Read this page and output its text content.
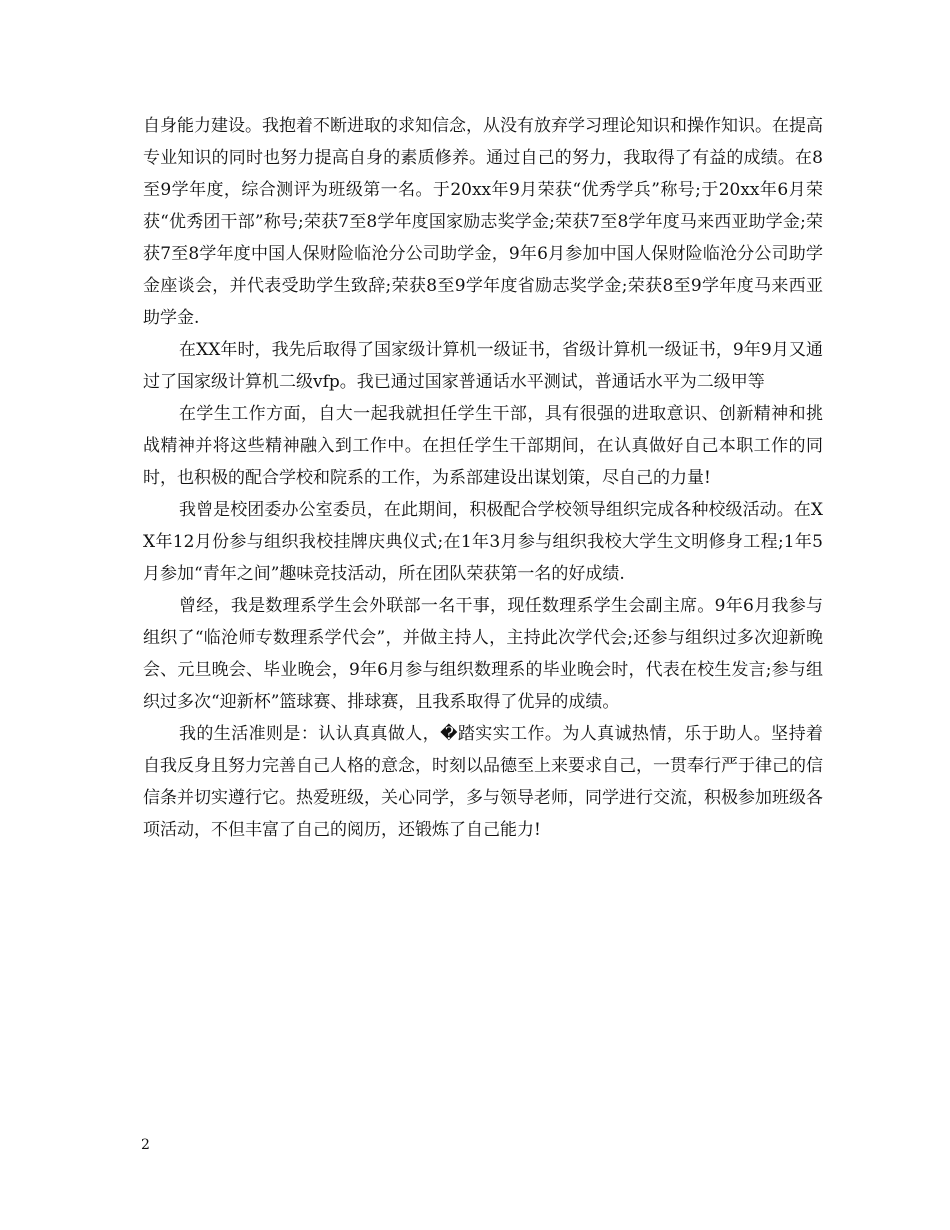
自身能力建设。我抱着不断进取的求知信念，从没有放弃学习理论知识和操作知识。在提高专业知识的同时也努力提高自身的素质修养。通过自己的努力，我取得了有益的成绩。在8至9学年度，综合测评为班级第一名。于20xx年9月荣获“优秀学兵”称号;于20xx年6月荣获“优秀团干部”称号;荣获7至8学年度国家励志奖学金;荣获7至8学年度马来西亚助学金;荣获7至8学年度中国人保财险临沧分公司助学金，9年6月参加中国人保财险临沧分公司助学金座谈会，并代表受助学生致辞;荣获8至9学年度省励志奖学金;荣获8至9学年度马来西亚助学金.

在XX年时，我先后取得了国家级计算机一级证书，省级计算机一级证书，9年9月又通过了国家级计算机二级vfp。我已通过国家普通话水平测试，普通话水平为二级甲等

在学生工作方面，自大一起我就担任学生干部，具有很强的进取意识、创新精神和挑战精神并将这些精神融入到工作中。在担任学生干部期间，在认真做好自己本职工作的同时，也积极的配合学校和院系的工作，为系部建设出谋划策，尽自己的力量!

我曾是校团委办公室委员，在此期间，积极配合学校领导组织完成各种校级活动。在XX年12月份参与组织我校挂牌庆典仪式;在1年3月参与组织我校大学生文明修身工程;1年5月参加“青年之间”趣味竞技活动，所在团队荣获第一名的好成绩.

曾经，我是数理系学生会外联部一名干事，现任数理系学生会副主席。9年6月我参与组织了“临沧师专数理系学代会”，并做主持人，主持此次学代会;还参与组织过多次迎新晚会、元旦晚会、毕业晚会，9年6月参与组织数理系的毕业晚会时，代表在校生发言;参与组织过多次“迎新杯”篮球赛、排球赛，且我系取得了优异的成绩。

我的生活准则是：认认真真做人，�踏实实工作。为人真诚热情，乐于助人。坚持着自我反身且努力完善自己人格的意念，时刻以品德至上来要求自己，一贯奉行严于律己的信信条并切实遵行它。热爱班级，关心同学，多与领导老师，同学进行交流，积极参加班级各项活动，不但丰富了自己的阅历，还锻炼了自己能力!

2
